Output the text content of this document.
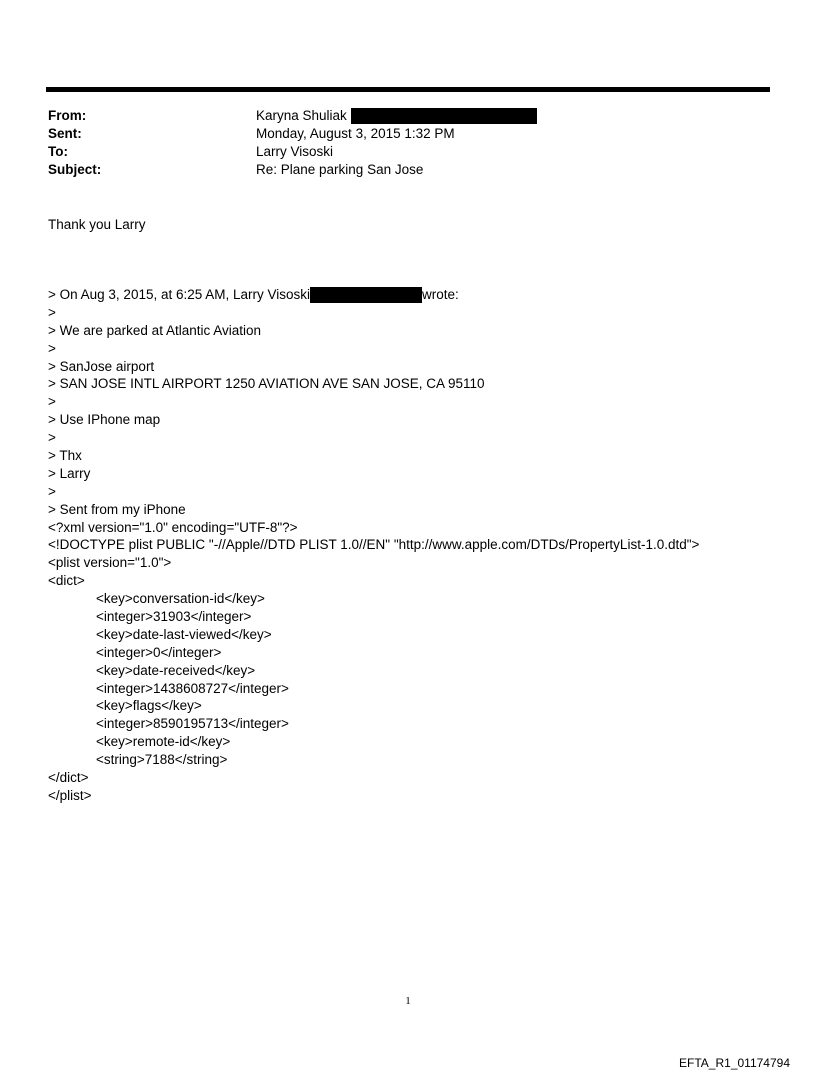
From:	Karyna Shuliak
Sent:	Monday, August 3, 2015 1:32 PM
To:	Larry Visoski
Subject:	Re: Plane parking San Jose
Thank you Larry
> On Aug 3, 2015, at 6:25 AM, Larry Visoski	wrote:
>
> We are parked at Atlantic Aviation
>
> SanJose airport
> SAN JOSE INTL AIRPORT 1250 AVIATION AVE SAN JOSE, CA 95110
>
> Use IPhone map
>
> Thx
> Larry
>
> Sent from my iPhone
<?xml version="1.0" encoding="UTF-8"?>
<!DOCTYPE plist PUBLIC "-//Apple//DTD PLIST 1.0//EN" "http://www.apple.com/DTDs/PropertyList-1.0.dtd">
<plist version="1.0">
<dict>
<key>conversation-id</key>
<integer>31903</integer>
<key>date-last-viewed</key>
<integer>0</integer>
<key>date-received</key>
<integer>1438608727</integer>
<key>flags</key>
<integer>8590195713</integer>
<key>remote-id</key>
<string>7188</string>
</dict>
</plist>
1
EFTA_R1_01174794
